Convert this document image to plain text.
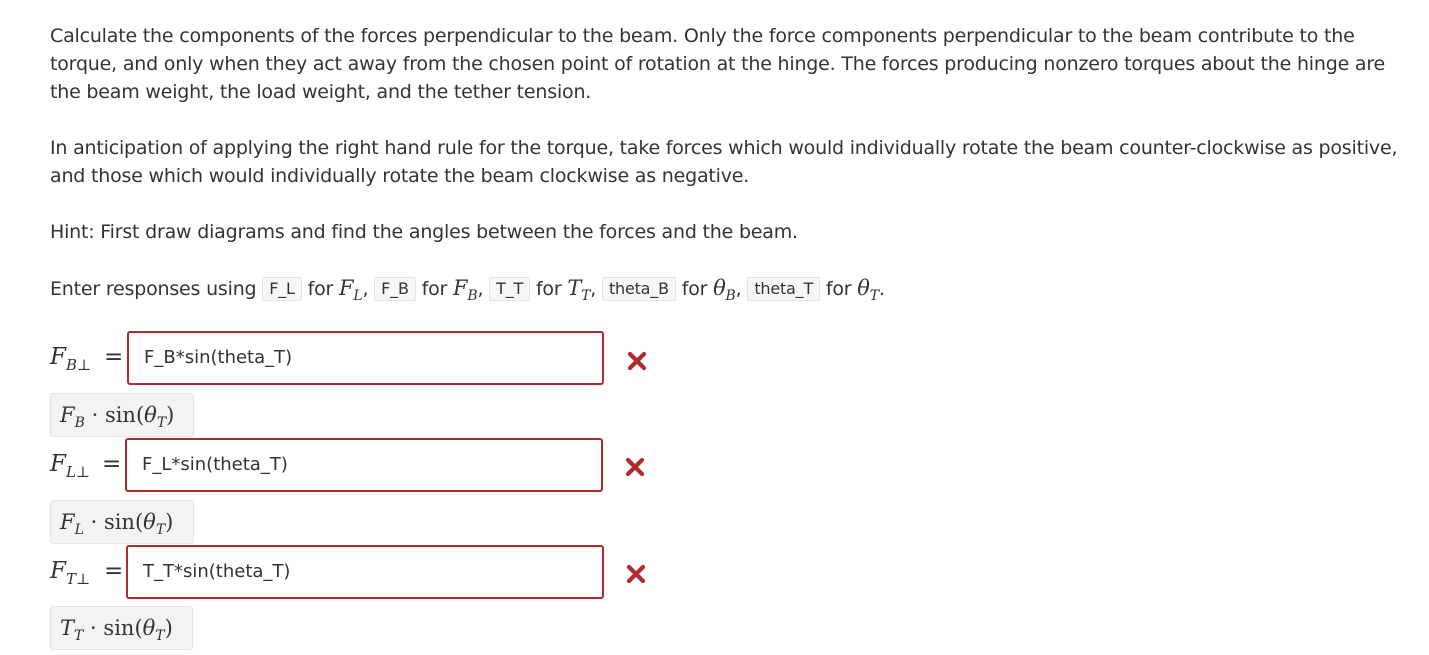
Calculate the components of the forces perpendicular to the beam. Only the force components perpendicular to the beam contribute to the torque, and only when they act away from the chosen point of rotation at the hinge. The forces producing nonzero torques about the hinge are the beam weight, the load weight, and the tether tension.

In anticipation of applying the right hand rule for the torque, take forces which would individually rotate the beam counter-clockwise as positive, and those which would individually rotate the beam clockwise as negative.

Hint: First draw diagrams and find the angles between the forces and the beam.

Enter responses using F_L for $F_L$, F_B for $F_B$, T_T for $T_T$, theta_B for $\theta_B$, theta_T for $\theta_T$.

$F_{B\perp}$ =	F_B*sin(theta_T)
$F_B \cdot \sin(\theta_T)$
$F_{L\perp}$ =	F_L*sin(theta_T)
$F_L \cdot \sin(\theta_T)$
$F_{T\perp}$ =	T_T*sin(theta_T)
$T_T \cdot \sin(\theta_T)$
